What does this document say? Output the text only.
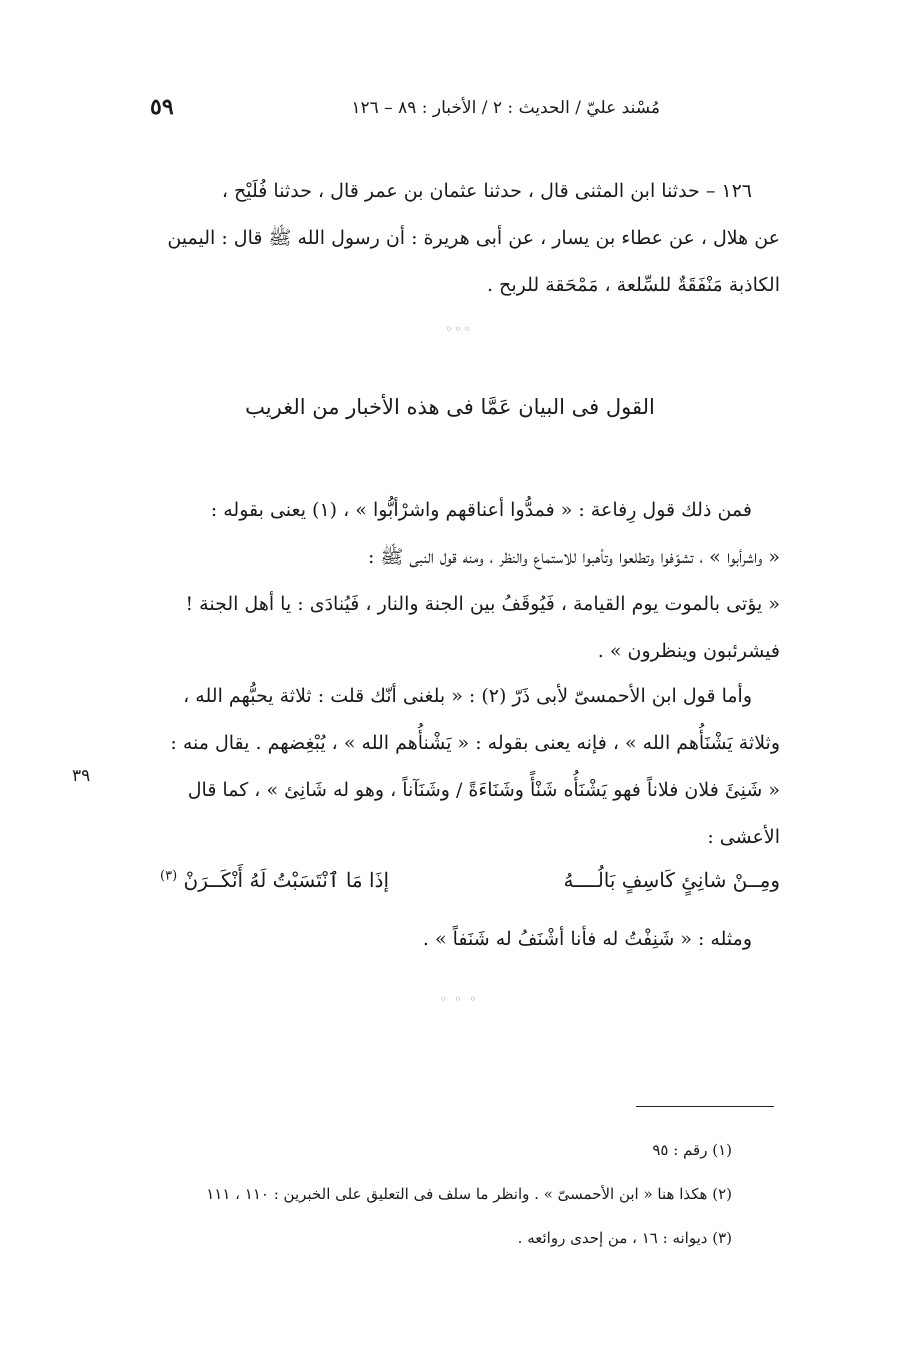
مُسْند عليّ / الحديث : ٢ / الأخبار : ٨٩ – ١٢٦
٥٩

١٢٦ – حدثنا ابن المثنى قال ، حدثنا عثمان بن عمر قال ، حدثنا فُلَيْح ،

عن هلال ، عن عطاء بن يسار ، عن أبى هريرة : أن رسول الله ﷺ قال : اليمين

الكاذبة مَنْفَقَةٌ للسِّلعة ، مَمْحَقة للربح .

◦◦◦
القول فى البيان عَمَّا فى هذه الأخبار من الغريب

فمن ذلك قول رِفاعة : « فمدُّوا أعناقهم واشرْأبُّوا » ، (١) يعنى بقوله :

« واشرأبوا » ، تشوّفوا وتطلعوا وتأهبوا للاستماع والنظر ، ومنه قول النبى ﷺ :

« يؤتى بالموت يوم القيامة ، فَيُوقَفُ بين الجنة والنار ، فَيُنادَى : يا أهل الجنة !

فيشرئبون وينظرون » .

وأما قول ابن الأحمسىّ لأبى ذَرّ (٢) : « بلغنى أنّك قلت : ثلاثة يحبُّهم الله ،

وثلاثة يَشْنَأُهم الله » ، فإنه يعنى بقوله : « يَشْنأُهم الله » ، يُبْغِضهم . يقال منه :

« شَنِئَ فلان فلاناً فهو يَشْنَأُه شَنْأً وشَنَاءَةً / وشَنَآناً ، وهو له شَانِئ » ، كما قال

الأعشى :

٣٩
ومِــنْ شانِئٍ كَاسِفٍ بَالُــــهُ
إذَا مَا ٱنْتَسَبْتُ لَهُ أَنْكَــرَنْ $^{(٣)}$
ومثله : « شَنِفْتُ له فأنا أشْنَفُ له شَنَفاً » .
◦ ◦ ◦

(١) رقم : ٩٥

(٢) هكذا هنا « ابن الأحمسىّ » . وانظر ما سلف فى التعليق على الخبرين : ١١٠ ، ١١١

(٣) ديوانه : ١٦ ، من إحدى روائعه .
